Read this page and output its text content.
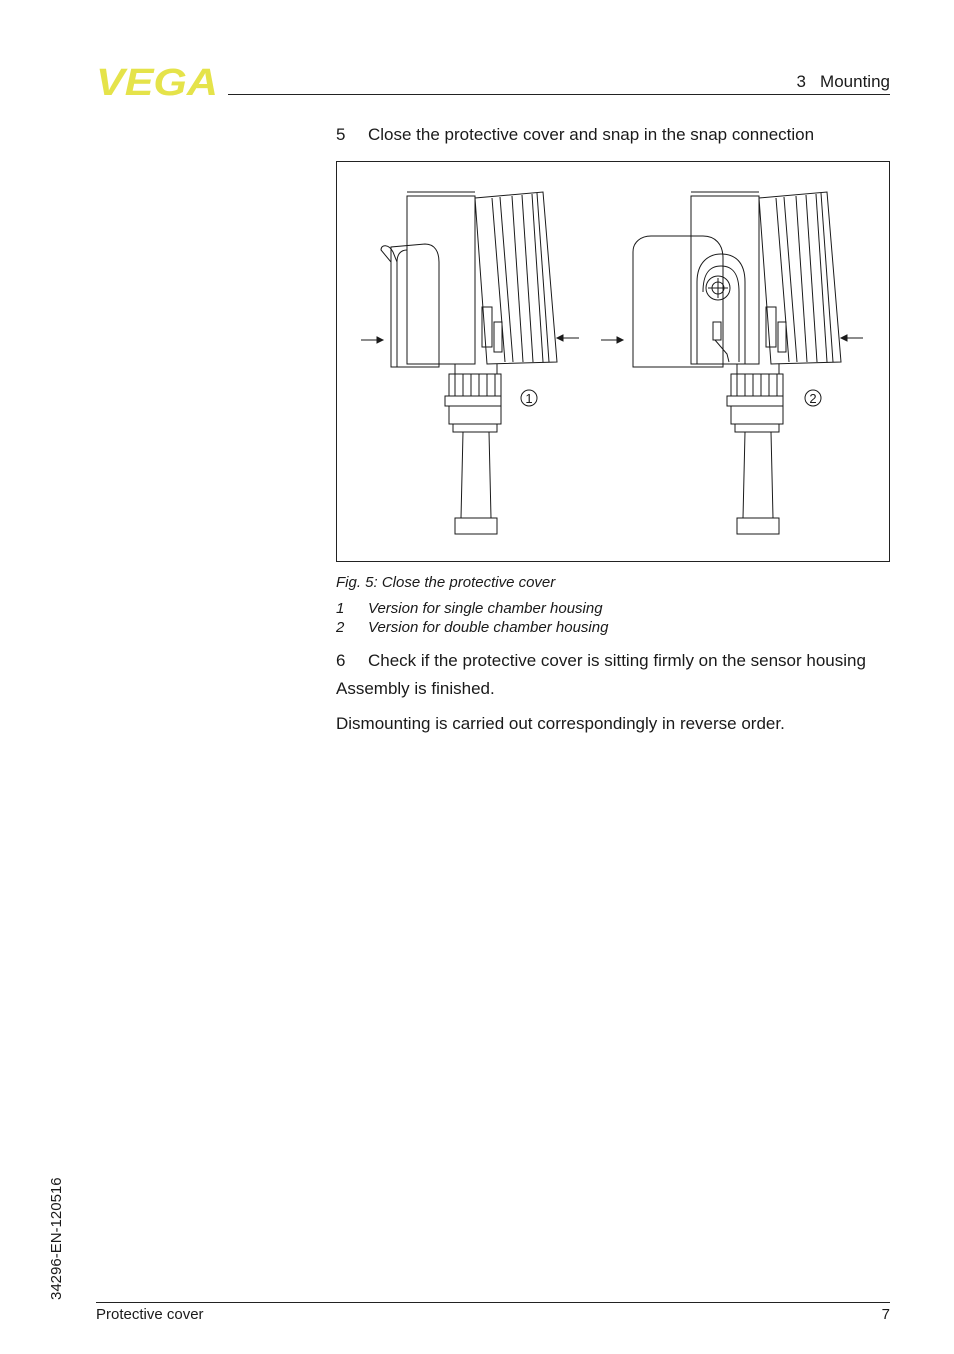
VEGA	3   Mounting
5 Close the protective cover and snap in the snap connection
1	2
Fig. 5: Close the protective cover
1 Version for single chamber housing
2 Version for double chamber housing
6 Check if the protective cover is sitting firmly on the sensor housing
Assembly is finished.
Dismounting is carried out correspondingly in reverse order.
34296-EN-120516
Protective cover	7
